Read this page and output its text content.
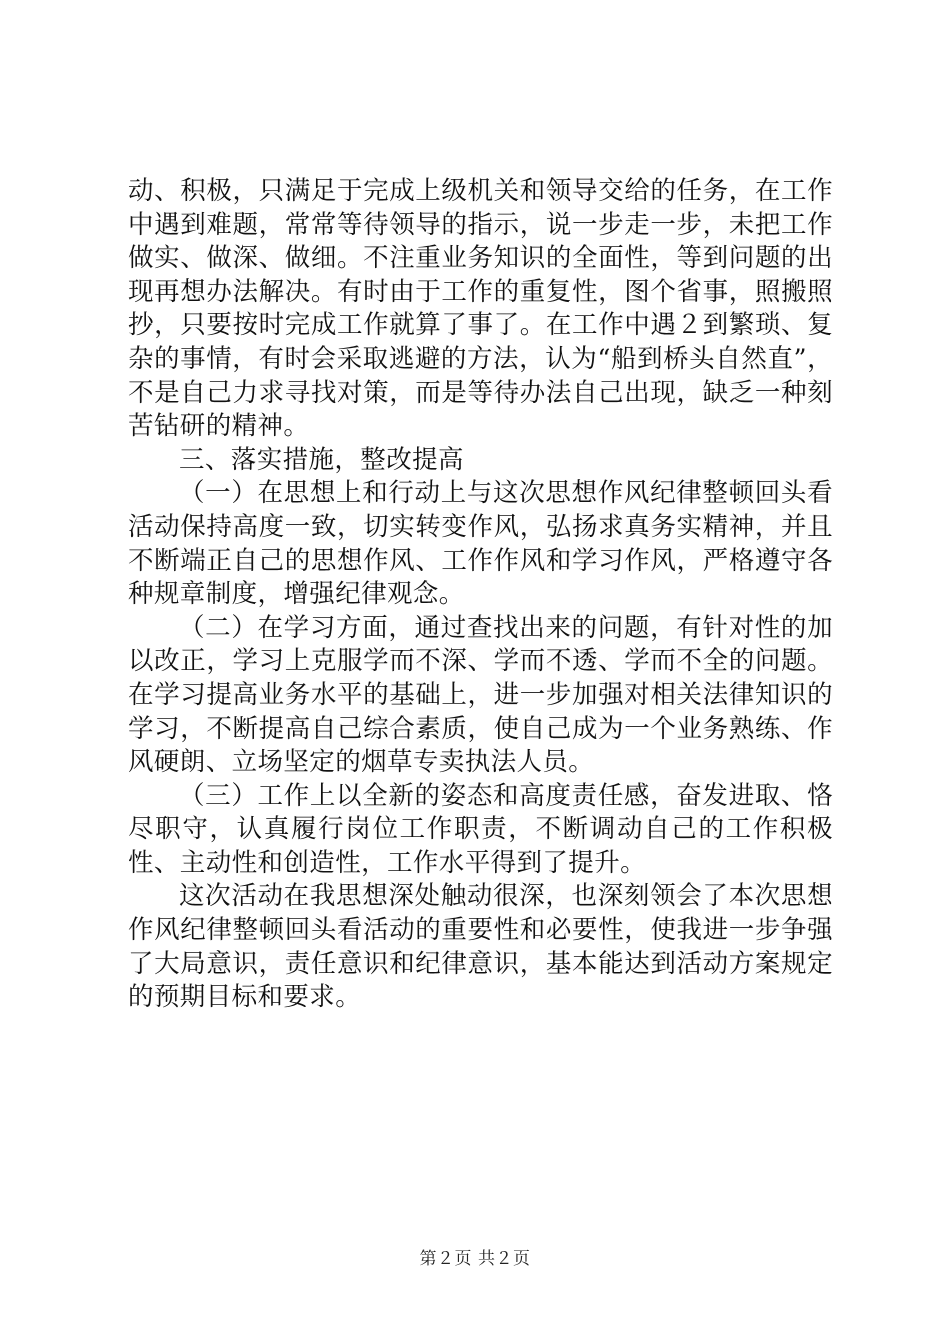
动、积极，只满足于完成上级机关和领导交给的任务，在工作中遇到难题，常常等待领导的指示，说一步走一步，未把工作做实、做深、做细。不注重业务知识的全面性，等到问题的出现再想办法解决。有时由于工作的重复性，图个省事，照搬照抄，只要按时完成工作就算了事了。在工作中遇２到繁琐、复杂的事情，有时会采取逃避的方法，认为“船到桥头自然直”，不是自己力求寻找对策，而是等待办法自己出现，缺乏一种刻苦钻研的精神。

三、落实措施，整改提高

（一）在思想上和行动上与这次思想作风纪律整顿回头看活动保持高度一致，切实转变作风，弘扬求真务实精神，并且不断端正自己的思想作风、工作作风和学习作风，严格遵守各种规章制度，增强纪律观念。

（二）在学习方面，通过查找出来的问题，有针对性的加以改正，学习上克服学而不深、学而不透、学而不全的问题。在学习提高业务水平的基础上，进一步加强对相关法律知识的学习，不断提高自己综合素质，使自己成为一个业务熟练、作风硬朗、立场坚定的烟草专卖执法人员。

（三）工作上以全新的姿态和高度责任感，奋发进取、恪尽职守，认真履行岗位工作职责，不断调动自己的工作积极性、主动性和创造性，工作水平得到了提升。

这次活动在我思想深处触动很深，也深刻领会了本次思想作风纪律整顿回头看活动的重要性和必要性，使我进一步争强了大局意识，责任意识和纪律意识，基本能达到活动方案规定的预期目标和要求。

第２页 共２页
